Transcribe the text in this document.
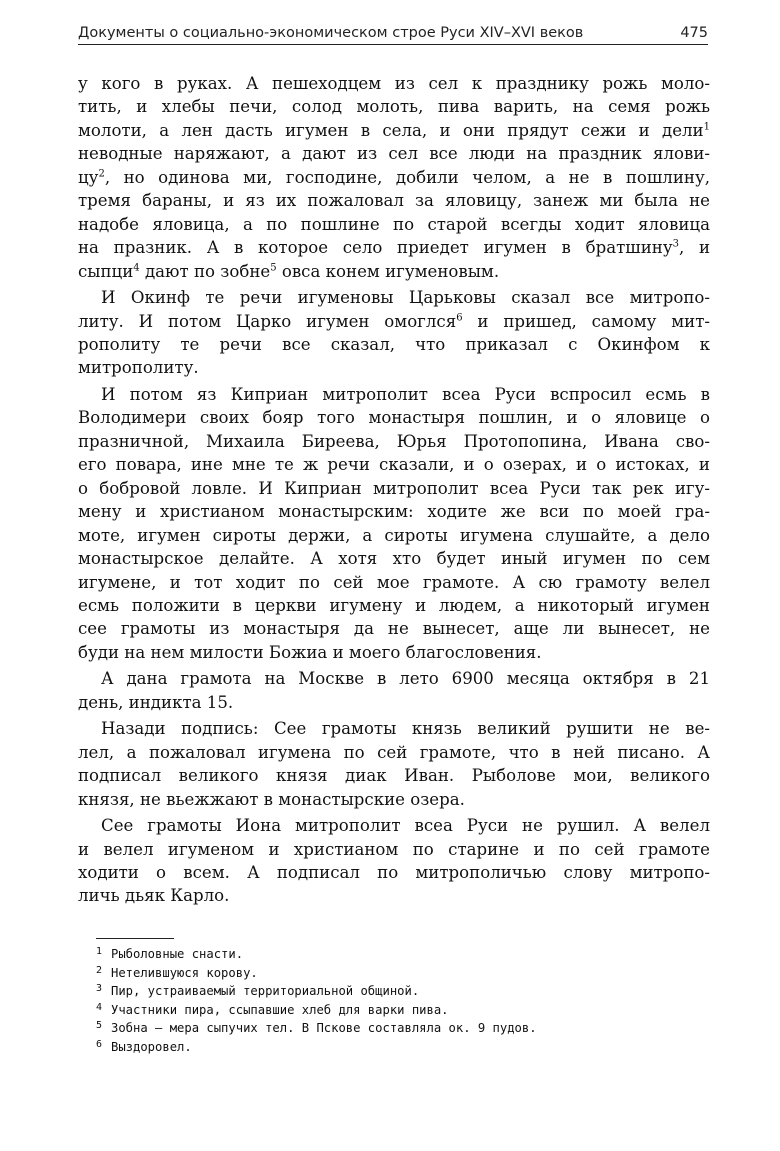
Документы о социально-экономическом строе Руси XIV–XVI веков	475
у кого в руках. А пешеходцем из сел к празднику рожь моло-
тить, и хлебы печи, солод молоть, пива варить, на семя рожь
молоти, а лен дасть игумен в села, и они прядут сежи и дели$^1$
неводные наряжают, а дают из сел все люди на праздник ялови-
цу$^2$, но одинова ми, господине, добили челом, а не в пошлину,
тремя бараны, и яз их пожаловал за яловицу, занеж ми была не
надобе яловица, а по пошлине по старой всегды ходит яловица
на празник. А в которое село приедет игумен в братшину$^3$, и
сыпци$^4$ дают по зобне$^5$ овса конем игуменовым.
И Окинф те речи игуменовы Царьковы сказал все митропо-
литу. И потом Царко игумен омоглся$^6$ и пришед, самому мит-
рополиту те речи все сказал, что приказал с Окинфом к
митрополиту.
И потом яз Киприан митрополит всеа Руси вспросил есмь в
Володимери своих бояр того монастыря пошлин, и о яловице о
празничной, Михаила Биреева, Юрья Протопопина, Ивана сво-
его повара, ине мне те ж речи сказали, и о озерах, и о истоках, и
о бобровой ловле. И Киприан митрополит всеа Руси так рек игу-
мену и христианом монастырским: ходите же вси по моей гра-
моте, игумен сироты держи, а сироты игумена слушайте, а дело
монастырское делайте. А хотя хто будет иный игумен по сем
игумене, и тот ходит по сей мое грамоте. А сю грамоту велел
есмь положити в церкви игумену и людем, а никоторый игумен
сее грамоты из монастыря да не вынесет, аще ли вынесет, не
буди на нем милости Божиа и моего благословения.
А дана грамота на Москве в лето 6900 месяца октября в 21
день, индикта 15.
Назади подпись: Сее грамоты князь великий рушити не ве-
лел, а пожаловал игумена по сей грамоте, что в ней писано. А
подписал великого князя диак Иван. Рыболове мои, великого
князя, не вьежжают в монастырские озера.
Сее грамоты Иона митрополит всеа Руси не рушил. А велел
и велел игуменом и христианом по старине и по сей грамоте
ходити о всем. А подписал по митрополичью слову митропо-
личь дьяк Карло.
1 Рыболовные снасти.
2 Нетелившуюся корову.
3 Пир, устраиваемый территориальной общиной.
4 Участники пира, ссыпавшие хлеб для варки пива.
5 Зобна — мера сыпучих тел. В Пскове составляла ок. 9 пудов.
6 Выздоровел.
